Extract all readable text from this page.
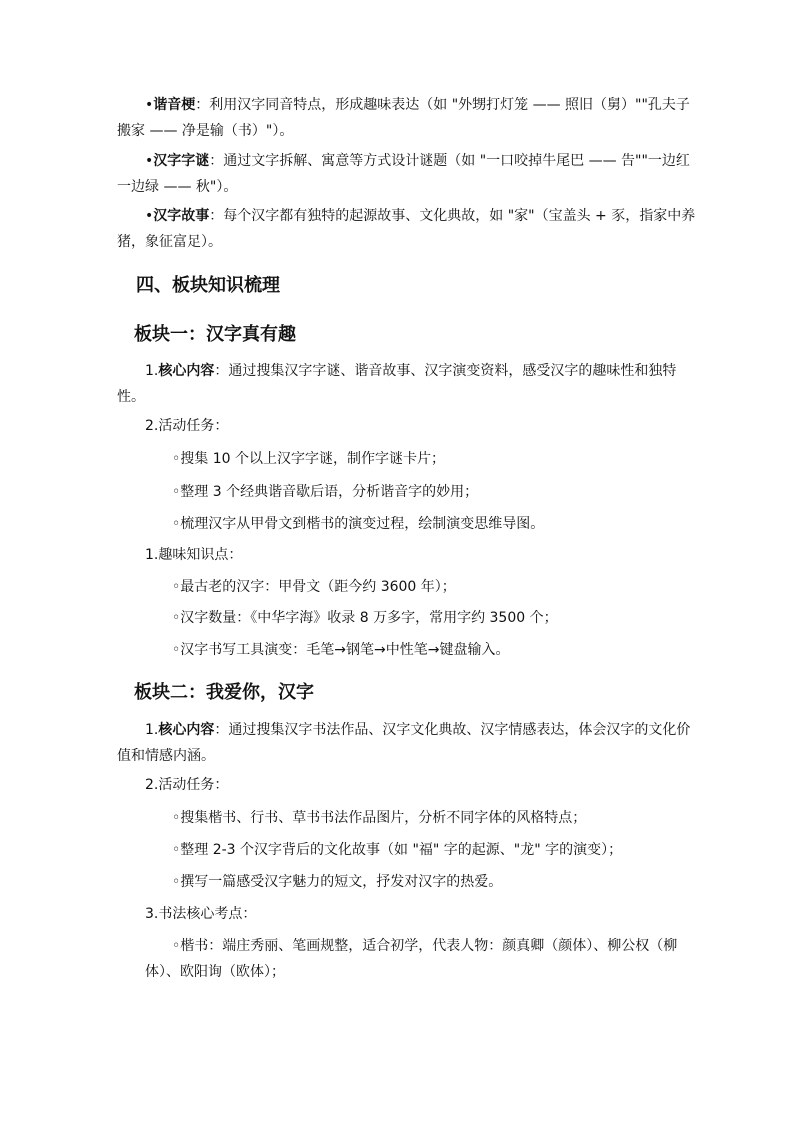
•谐音梗：利用汉字同音特点，形成趣味表达（如 "外甥打灯笼 —— 照旧（舅）""孔夫子搬家 —— 净是输（书）"）。

•汉字字谜：通过文字拆解、寓意等方式设计谜题（如 "一口咬掉牛尾巴 —— 告""一边红一边绿 —— 秋"）。

•汉字故事：每个汉字都有独特的起源故事、文化典故，如 "家"（宝盖头 + 豕，指家中养猪，象征富足）。

四、板块知识梳理
板块一：汉字真有趣

1.核心内容：通过搜集汉字字谜、谐音故事、汉字演变资料，感受汉字的趣味性和独特性。

2.活动任务：

◦搜集 10 个以上汉字字谜，制作字谜卡片；

◦整理 3 个经典谐音歇后语，分析谐音字的妙用；

◦梳理汉字从甲骨文到楷书的演变过程，绘制演变思维导图。

1.趣味知识点：

◦最古老的汉字：甲骨文（距今约 3600 年）；

◦汉字数量：《中华字海》收录 8 万多字，常用字约 3500 个；

◦汉字书写工具演变：毛笔→钢笔→中性笔→键盘输入。

板块二：我爱你，汉字

1.核心内容：通过搜集汉字书法作品、汉字文化典故、汉字情感表达，体会汉字的文化价值和情感内涵。

2.活动任务：

◦搜集楷书、行书、草书书法作品图片，分析不同字体的风格特点；

◦整理 2-3 个汉字背后的文化故事（如 "福" 字的起源、"龙" 字的演变）；

◦撰写一篇感受汉字魅力的短文，抒发对汉字的热爱。

3.书法核心考点：

◦楷书：端庄秀丽、笔画规整，适合初学，代表人物：颜真卿（颜体）、柳公权（柳体）、欧阳询（欧体）；
